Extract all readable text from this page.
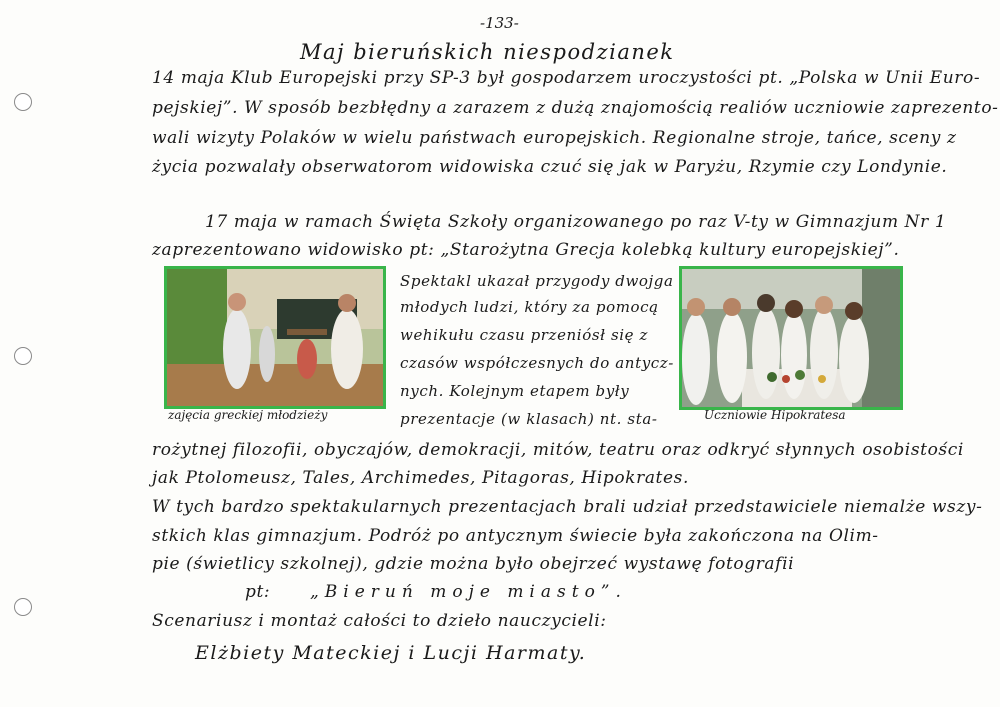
-133-
Maj bieruńskich niespodzianek
14 maja Klub Europejski przy SP-3 był gospodarzem uroczystości pt. „Polska w Unii Euro-
pejskiej”. W sposób bezbłędny a zarazem z dużą znajomością realiów uczniowie zaprezento-
wali wizyty Polaków w wielu państwach europejskich. Regionalne stroje, tańce, sceny z
życia pozwalały obserwatorom widowiska czuć się jak w Paryżu, Rzymie czy Londynie.
17 maja w ramach Święta Szkoły organizowanego po raz V-ty w Gimnazjum Nr 1
zaprezentowano widowisko pt: „Starożytna Grecja kolebką kultury europejskiej”.
zajęcia greckiej młodzieży
Spektakl ukazał przygody dwojga
młodych ludzi, który za pomocą
wehikułu czasu przeniósł się z
czasów współczesnych do antycz-
nych. Kolejnym etapem były
prezentacje (w klasach) nt. sta-	Uczniowie Hipokratesa
rożytnej filozofii, obyczajów, demokracji, mitów, teatru oraz odkryć słynnych osobistości
jak Ptolomeusz, Tales, Archimedes, Pitagoras, Hipokrates.
W tych bardzo spektakularnych prezentacjach brali udział przedstawiciele niemalże wszy-
stkich klas gimnazjum. Podróż po antycznym świecie była zakończona na Olim-
pie (świetlicy szkolnej), gdzie można było obejrzeć wystawę fotografii
pt: „Bieruń moje miasto”.
Scenariusz i montaż całości to dzieło nauczycieli:
Elżbiety Mateckiej i Lucji Harmaty.
